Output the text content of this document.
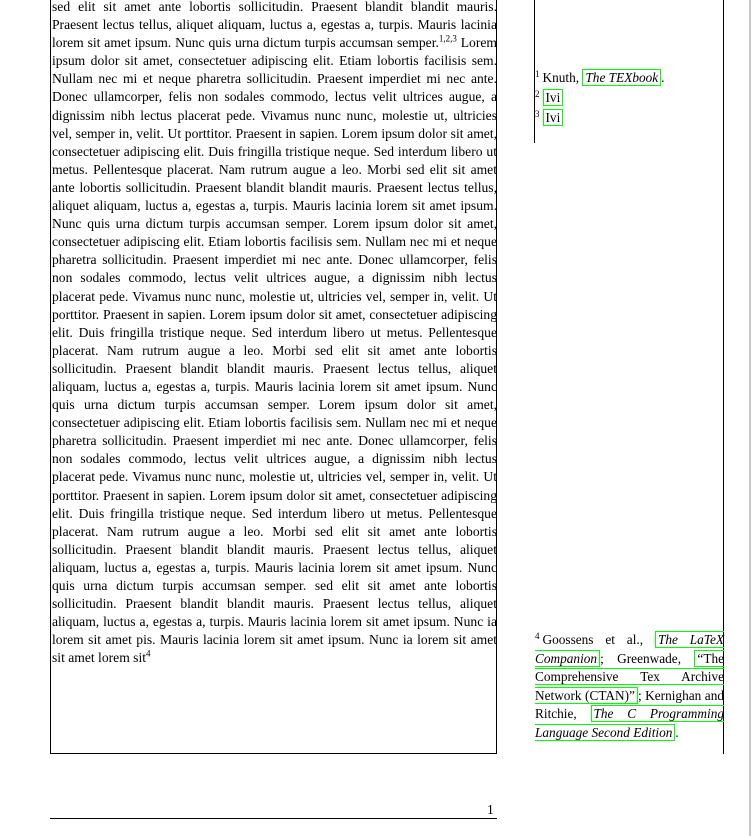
sed elit sit amet ante lobortis sollicitudin. Praesent blandit blandit mauris. Praesent lectus tellus, aliquet aliquam, luctus a, egestas a, turpis. Mauris lacinia lorem sit amet ipsum. Nunc quis urna dictum turpis accumsan semper.$^{1,2,3}$ Lorem ipsum dolor sit amet, consectetuer adipiscing elit. Etiam lobortis facilisis sem. Nullam nec mi et neque pharetra sollicitudin. Praesent imperdiet mi nec ante. Donec ullamcorper, felis non sodales commodo, lectus velit ultrices augue, a dignissim nibh lectus placerat pede. Vivamus nunc nunc, molestie ut, ultricies vel, semper in, velit. Ut porttitor. Praesent in sapien. Lorem ipsum dolor sit amet, consectetuer adipiscing elit. Duis fringilla tristique neque. Sed interdum libero ut metus. Pellentesque placerat. Nam rutrum augue a leo. Morbi sed elit sit amet ante lobortis sollicitudin. Praesent blandit blandit mauris. Praesent lectus tellus, aliquet aliquam, luctus a, egestas a, turpis. Mauris lacinia lorem sit amet ipsum. Nunc quis urna dictum turpis accumsan semper. Lorem ipsum dolor sit amet, consectetuer adipiscing elit. Etiam lobortis facilisis sem. Nullam nec mi et neque pharetra sollicitudin. Praesent imperdiet mi nec ante. Donec ullamcorper, felis non sodales commodo, lectus velit ultrices augue, a dignissim nibh lectus placerat pede. Vivamus nunc nunc, molestie ut, ultricies vel, semper in, velit. Ut porttitor. Praesent in sapien. Lorem ipsum dolor sit amet, consectetuer adipiscing elit. Duis fringilla tristique neque. Sed interdum libero ut metus. Pellentesque placerat. Nam rutrum augue a leo. Morbi sed elit sit amet ante lobortis sollicitudin. Praesent blandit blandit mauris. Praesent lectus tellus, aliquet aliquam, luctus a, egestas a, turpis. Mauris lacinia lorem sit amet ipsum. Nunc quis urna dictum turpis accumsan semper. Lorem ipsum dolor sit amet, consectetuer adipiscing elit. Etiam lobortis facilisis sem. Nullam nec mi et neque pharetra sollicitudin. Praesent imperdiet mi nec ante. Donec ullamcorper, felis non sodales commodo, lectus velit ultrices augue, a dignissim nibh lectus placerat pede. Vivamus nunc nunc, molestie ut, ultricies vel, semper in, velit. Ut porttitor. Praesent in sapien. Lorem ipsum dolor sit amet, consectetuer adipiscing elit. Duis fringilla tristique neque. Sed interdum libero ut metus. Pellentesque placerat. Nam rutrum augue a leo. Morbi sed elit sit amet ante lobortis sollicitudin. Praesent blandit blandit mauris. Praesent lectus tellus, aliquet aliquam, luctus a, egestas a, turpis. Mauris lacinia lorem sit amet ipsum. Nunc quis urna dictum turpis accumsan semper. sed elit sit amet ante lobortis sollicitudin. Praesent blandit blandit mauris. Praesent lectus tellus, aliquet aliquam, luctus a, egestas a, turpis. Mauris lacinia lorem sit amet ipsum. Nunc ia lorem sit amet pis. Mauris lacinia lorem sit amet ipsum. Nunc ia lorem sit amet sit amet lorem sit$^4$
$^1$ Knuth, The TEXbook .
$^2$ Ivi
$^3$ Ivi
$^4$ Goossens et al., The LaTeX Companion ; Greenwade, “The Comprehensive Tex Archive Network (CTAN)” ; Kernighan and Ritchie, The C Programming Language Second Edition .
1
